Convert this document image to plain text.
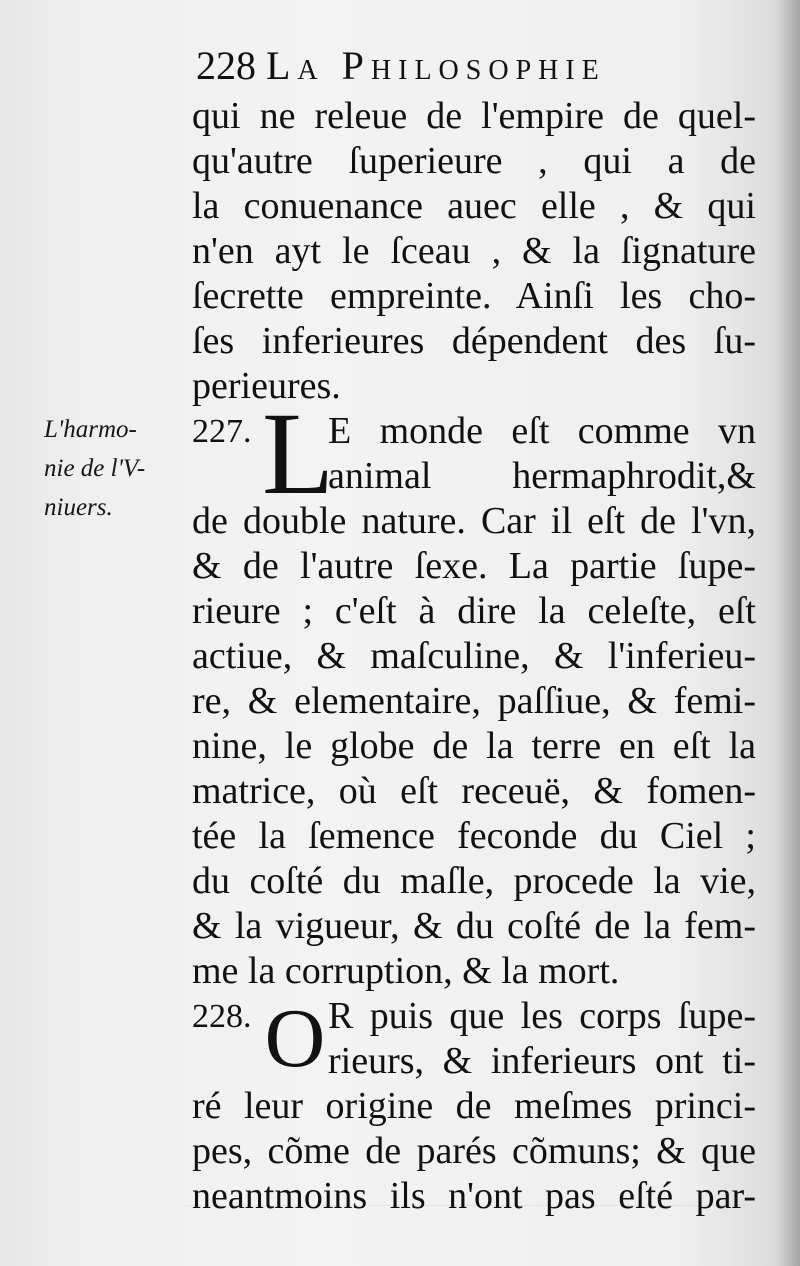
228 La Philosophie
L'harmo-
nie de l'V-
niuers.
qui ne releue de l'empire de quel-
qu'autre ſuperieure , qui a de
la conuenance auec elle , & qui
n'en ayt le ſceau , & la ſignature
ſecrette empreinte. Ainſi les cho-
ſes inferieures dépendent des ſu-
perieures.
227. L
E monde eſt comme vn
animal hermaphrodit,&
de double nature. Car il eſt de l'vn,
& de l'autre ſexe. La partie ſupe-
rieure ; c'eſt à dire la celeſte, eſt
actiue, & maſculine, & l'inferieu-
re, & elementaire, paſſiue, & femi-
nine, le globe de la terre en eſt la
matrice, où eſt receuë, & fomen-
tée la ſemence feconde du Ciel ;
du coſté du maſle, procede la vie,
& la vigueur, & du coſté de la fem-
me la corruption, & la mort.
228. O R puis que les corps ſupe-
rieurs, & inferieurs ont ti-
ré leur origine de meſmes princi-
pes, cõme de parés cõmuns; & que
neantmoins ils n'ont pas eſté par-
